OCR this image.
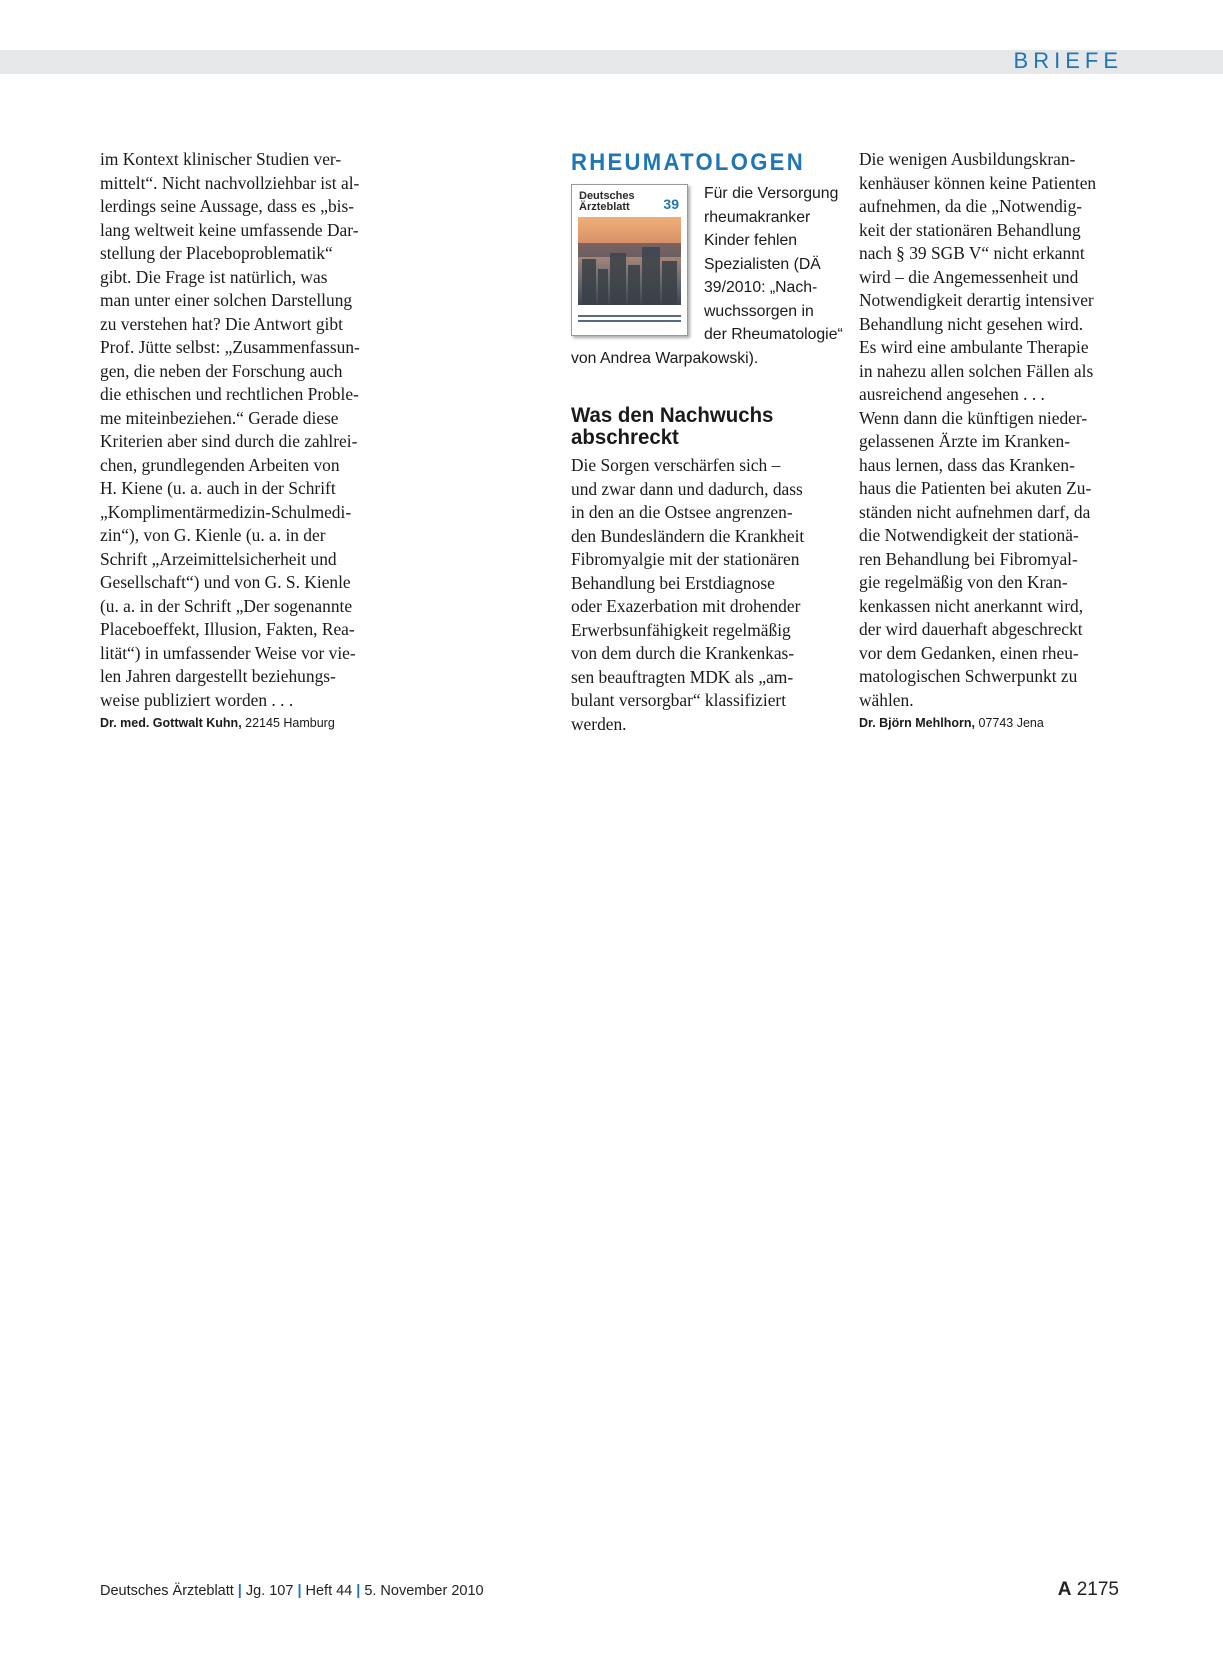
BRIEFE
im Kontext klinischer Studien ver-
mittelt“. Nicht nachvollziehbar ist al-
lerdings seine Aussage, dass es „bis-
lang weltweit keine umfassende Dar-
stellung der Placeboproblematik“
gibt. Die Frage ist natürlich, was
man unter einer solchen Darstellung
zu verstehen hat? Die Antwort gibt
Prof. Jütte selbst: „Zusammenfassun-
gen, die neben der Forschung auch
die ethischen und rechtlichen Proble-
me miteinbeziehen.“ Gerade diese
Kriterien aber sind durch die zahlrei-
chen, grundlegenden Arbeiten von
H. Kiene (u. a. auch in der Schrift
„Komplimentärmedizin-Schulmedi-
zin“), von G. Kienle (u. a. in der
Schrift „Arzeimittelsicherheit und
Gesellschaft“) und von G. S. Kienle
(u. a. in der Schrift „Der sogenannte
Placeboeffekt, Illusion, Fakten, Rea-
lität“) in umfassender Weise vor vie-
len Jahren dargestellt beziehungs-
weise publiziert worden . . .
Dr. med. Gottwalt Kuhn, 22145 Hamburg
RHEUMATOLOGEN
Deutsches
Ärzteblatt	39
Für die Versorgung
rheumakranker
Kinder fehlen
Spezialisten (DÄ
39/2010: „Nach-
wuchssorgen in
der Rheumatologie“
von Andrea Warpakowski).
Was den Nachwuchs abschreckt
Die Sorgen verschärfen sich –
und zwar dann und dadurch, dass
in den an die Ostsee angrenzen-
den Bundesländern die Krankheit
Fibromyalgie mit der stationären
Behandlung bei Erstdiagnose
oder Exazerbation mit drohender
Erwerbsunfähigkeit regelmäßig
von dem durch die Krankenkas-
sen beauftragten MDK als „am-
bulant versorgbar“ klassifiziert
werden.
Die wenigen Ausbildungskran-
kenhäuser können keine Patienten
aufnehmen, da die „Notwendig-
keit der stationären Behandlung
nach § 39 SGB V“ nicht erkannt
wird – die Angemessenheit und
Notwendigkeit derartig intensiver
Behandlung nicht gesehen wird.
Es wird eine ambulante Therapie
in nahezu allen solchen Fällen als
ausreichend angesehen . . .
Wenn dann die künftigen nieder-
gelassenen Ärzte im Kranken-
haus lernen, dass das Kranken-
haus die Patienten bei akuten Zu-
ständen nicht aufnehmen darf, da
die Notwendigkeit der stationä-
ren Behandlung bei Fibromyal-
gie regelmäßig von den Kran-
kenkassen nicht anerkannt wird,
der wird dauerhaft abgeschreckt
vor dem Gedanken, einen rheu-
matologischen Schwerpunkt zu
wählen.
Dr. Björn Mehlhorn, 07743 Jena
Deutsches Ärzteblatt | Jg. 107 | Heft 44 | 5. November 2010	A 2175
